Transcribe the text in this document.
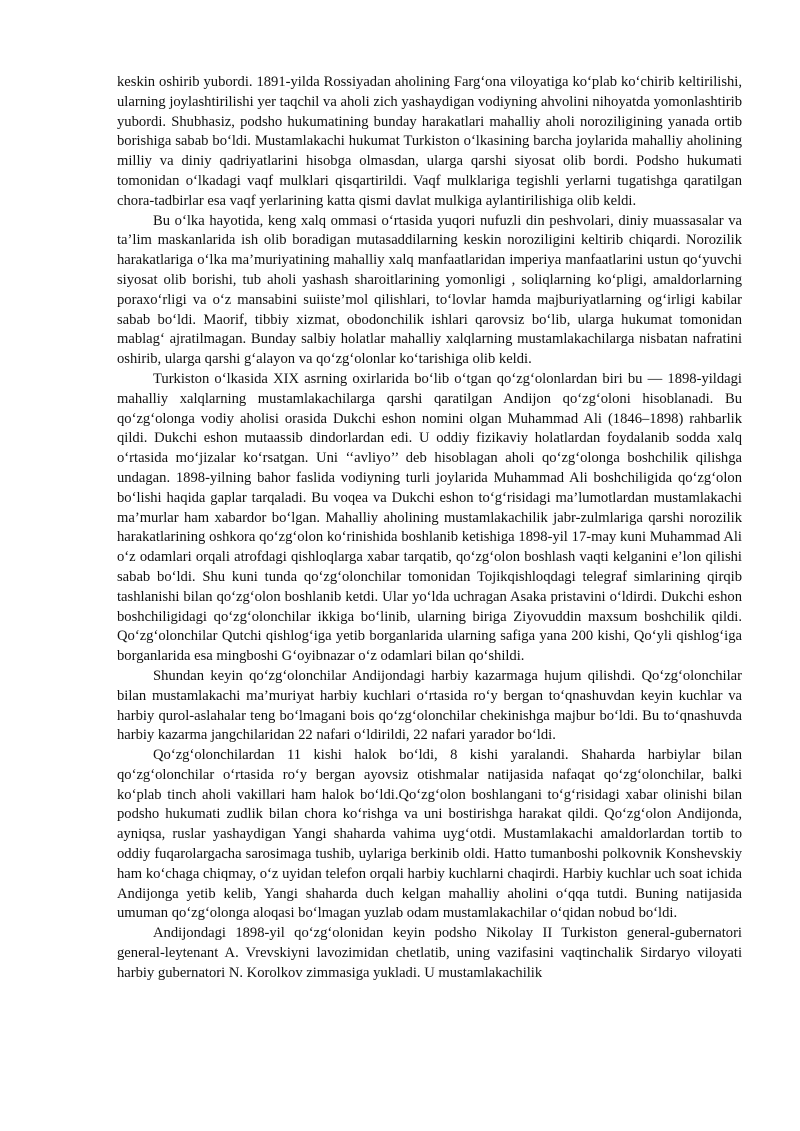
keskin oshirib yubordi. 1891-yilda Rossiyadan aholining Farg‘ona viloyatiga ko‘plab ko‘chirib keltirilishi, ularning joylashtirilishi yer taqchil va aholi zich yashaydigan vodiyning ahvolini nihoyatda yomonlashtirib yubordi. Shubhasiz, podsho hukumatining bunday harakatlari mahalliy aholi noroziligining yanada ortib borishiga sabab bo‘ldi. Mustamlakachi hukumat Turkiston o‘lkasining barcha joylarida mahalliy aholining milliy va diniy qadriyatlarini hisobga olmasdan, ularga qarshi siyosat olib bordi. Podsho hukumati tomonidan o‘lkadagi vaqf mulklari qisqartirildi. Vaqf mulklariga tegishli yerlarni tugatishga qaratilgan chora-tadbirlar esa vaqf yerlarining katta qismi davlat mulkiga aylantirilishiga olib keldi.

Bu o‘lka hayotida, keng xalq ommasi o‘rtasida yuqori nufuzli din peshvolari, diniy muassasalar va ta’lim maskanlarida ish olib boradigan mutasaddilarning keskin noroziligini keltirib chiqardi. Norozilik harakatlariga o‘lka ma’muriyatining mahalliy xalq manfaatlaridan imperiya manfaatlarini ustun qo‘yuvchi siyosat olib borishi, tub aholi yashash sharoitlarining yomonligi , soliqlarning ko‘pligi, amaldorlarning poraxo‘rligi va o‘z mansabini suiiste’mol qilishlari, to‘lovlar hamda majburiyatlarning og‘irligi kabilar sabab bo‘ldi. Maorif, tibbiy xizmat, obodonchilik ishlari qarovsiz bo‘lib, ularga hukumat tomonidan mablag‘ ajratilmagan. Bunday salbiy holatlar mahalliy xalqlarning mustamlakachilarga nisbatan nafratini oshirib, ularga qarshi g‘alayon va qo‘zg‘olonlar ko‘tarishiga olib keldi.

Turkiston o‘lkasida XIX asrning oxirlarida bo‘lib o‘tgan qo‘zg‘olonlardan biri bu — 1898-yildagi mahalliy xalqlarning mustamlakachilarga qarshi qaratilgan Andijon qo‘zg‘oloni hisoblanadi. Bu qo‘zg‘olonga vodiy aholisi orasida Dukchi eshon nomini olgan Muhammad Ali (1846–1898) rahbarlik qildi. Dukchi eshon mutaassib dindorlardan edi. U oddiy fizikaviy holatlardan foydalanib sodda xalq o‘rtasida mo‘jizalar ko‘rsatgan. Uni ‘‘avliyo’’ deb hisoblagan aholi qo‘zg‘olonga boshchilik qilishga undagan. 1898-yilning bahor faslida vodiyning turli joylarida Muhammad Ali boshchiligida qo‘zg‘olon bo‘lishi haqida gaplar tarqaladi. Bu voqea va Dukchi eshon to‘g‘risidagi ma’lumotlardan mustamlakachi ma’murlar ham xabardor bo‘lgan. Mahalliy aholining mustamlakachilik jabr-zulmlariga qarshi norozilik harakatlarining oshkora qo‘zg‘olon ko‘rinishida boshlanib ketishiga 1898-yil 17-may kuni Muhammad Ali o‘z odamlari orqali atrofdagi qishloqlarga xabar tarqatib, qo‘zg‘olon boshlash vaqti kelganini e’lon qilishi sabab bo‘ldi. Shu kuni tunda qo‘zg‘olonchilar tomonidan Tojikqishloqdagi telegraf simlarining qirqib tashlanishi bilan qo‘zg‘olon boshlanib ketdi. Ular yo‘lda uchragan Asaka pristavini o‘ldirdi. Dukchi eshon boshchiligidagi qo‘zg‘olonchilar ikkiga bo‘linib, ularning biriga Ziyovuddin maxsum boshchilik qildi. Qo‘zg‘olonchilar Qutchi qishlog‘iga yetib borganlarida ularning safiga yana 200 kishi, Qo‘yli qishlog‘iga borganlarida esa mingboshi G‘oyibnazar o‘z odamlari bilan qo‘shildi.

Shundan keyin qo‘zg‘olonchilar Andijondagi harbiy kazarmaga hujum qilishdi. Qo‘zg‘olonchilar bilan mustamlakachi ma’muriyat harbiy kuchlari o‘rtasida ro‘y bergan to‘qnashuvdan keyin kuchlar va harbiy qurol-aslahalar teng bo‘lmagani bois qo‘zg‘olonchilar chekinishga majbur bo‘ldi. Bu to‘qnashuvda harbiy kazarma jangchilaridan 22 nafari o‘ldirildi, 22 nafari yarador bo‘ldi.

Qo‘zg‘olonchilardan 11 kishi halok bo‘ldi, 8 kishi yaralandi. Shaharda harbiylar bilan qo‘zg‘olonchilar o‘rtasida ro‘y bergan ayovsiz otishmalar natijasida nafaqat qo‘zg‘olonchilar, balki ko‘plab tinch aholi vakillari ham halok bo‘ldi.Qo‘zg‘olon boshlangani to‘g‘risidagi xabar olinishi bilan podsho hukumati zudlik bilan chora ko‘rishga va uni bostirishga harakat qildi. Qo‘zg‘olon Andijonda, ayniqsa, ruslar yashaydigan Yangi shaharda vahima uyg‘otdi. Mustamlakachi amaldorlardan tortib to oddiy fuqarolargacha sarosimaga tushib, uylariga berkinib oldi. Hatto tumanboshi polkovnik Konshevskiy ham ko‘chaga chiqmay, o‘z uyidan telefon orqali harbiy kuchlarni chaqirdi. Harbiy kuchlar uch soat ichida Andijonga yetib kelib, Yangi shaharda duch kelgan mahalliy aholini o‘qqa tutdi. Buning natijasida umuman qo‘zg‘olonga aloqasi bo‘lmagan yuzlab odam mustamlakachilar o‘qidan nobud bo‘ldi.

Andijondagi 1898-yil qo‘zg‘olonidan keyin podsho Nikolay II Turkiston general-gubernatori general-leytenant A. Vrevskiyni lavozimidan chetlatib, uning vazifasini vaqtinchalik Sirdaryo viloyati harbiy gubernatori N. Korolkov zimmasiga yukladi. U mustamlakachilik
